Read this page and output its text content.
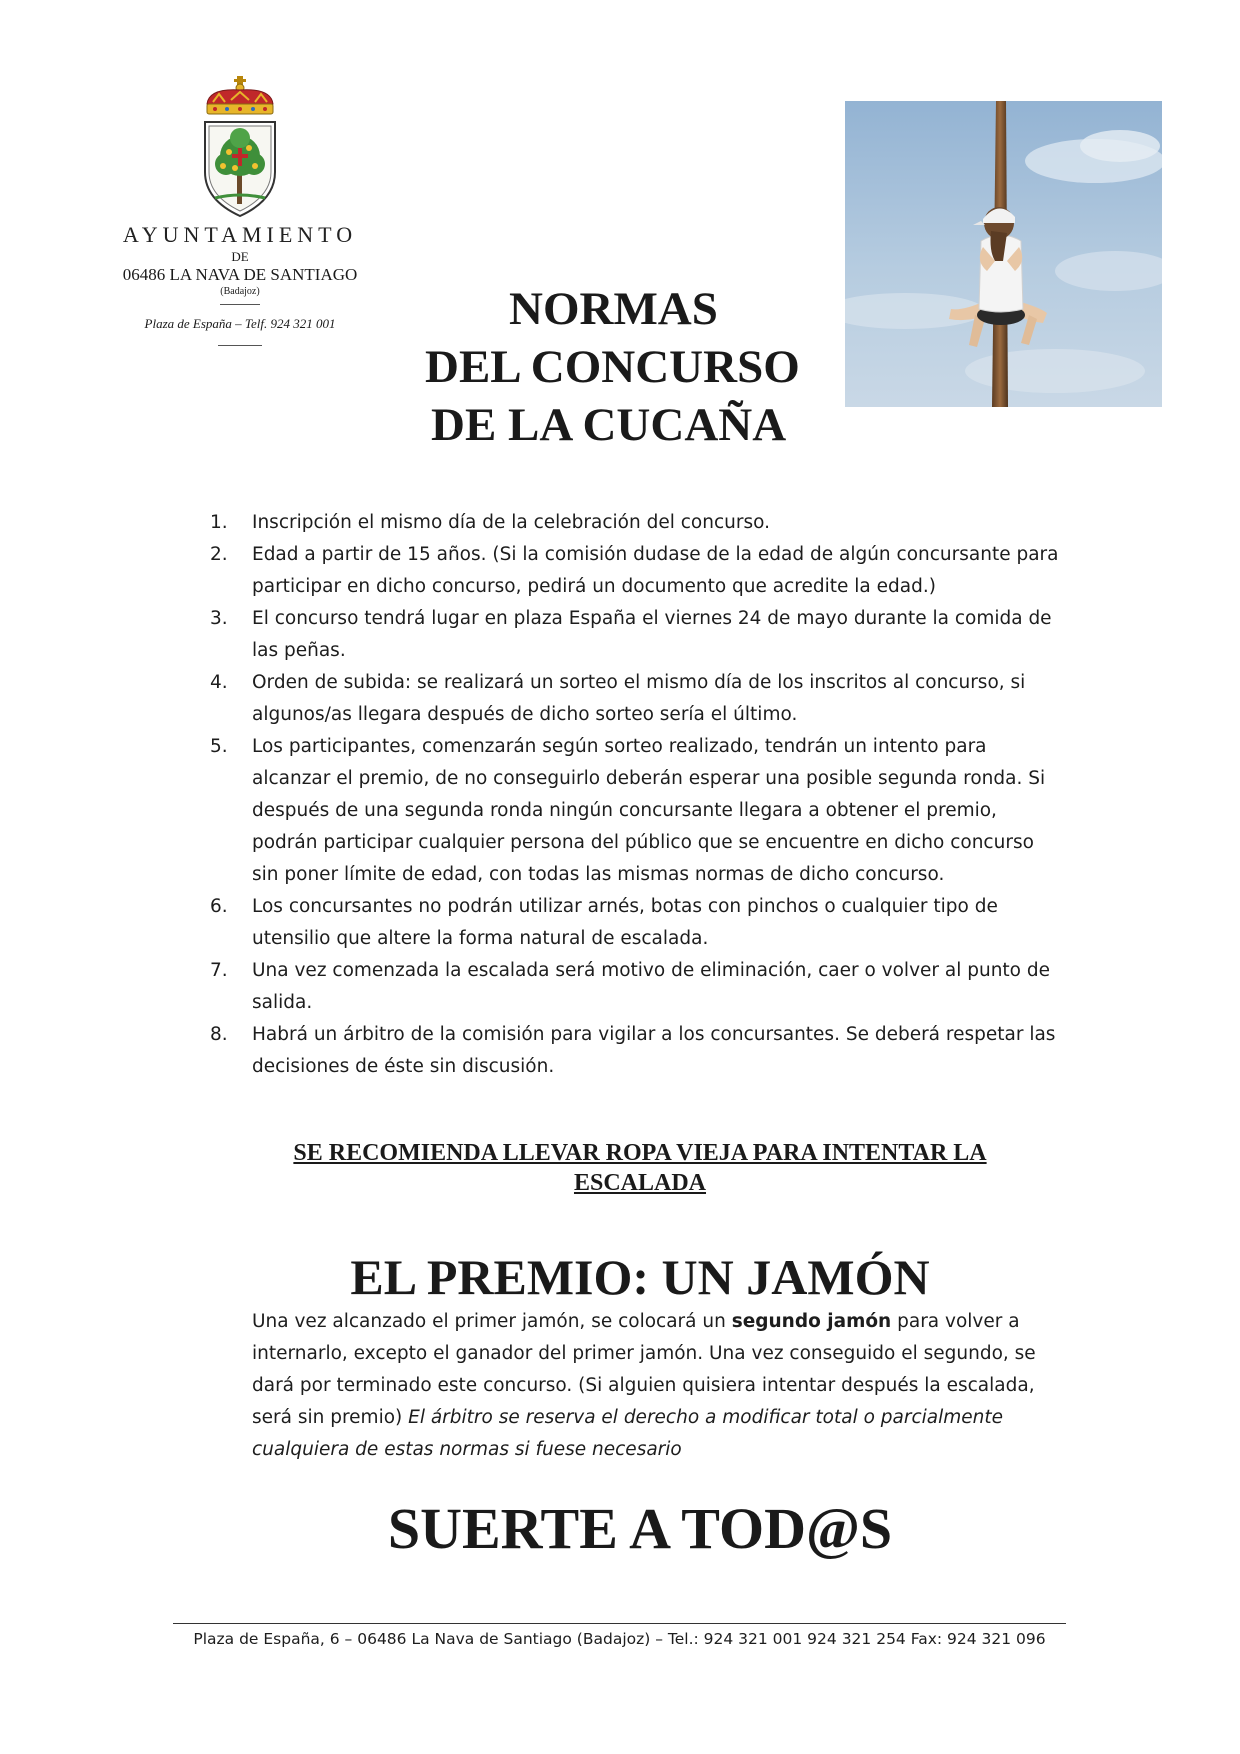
AYUNTAMIENTO
DE
06486 LA NAVA DE SANTIAGO
(Badajoz)
Plaza de España – Telf. 924 321 001	NORMAS
DEL CONCURSO
DE LA CUCAÑA
1.	Inscripción el mismo día de la celebración del concurso.
2.	Edad a partir de 15 años. (Si la comisión dudase de la edad de algún concursante para participar en dicho concurso, pedirá un documento que acredite la edad.)
3.	El concurso tendrá lugar en plaza España el viernes 24 de mayo durante la comida de las peñas.
4.	Orden de subida: se realizará un sorteo el mismo día de los inscritos al concurso, si algunos/as llegara después de dicho sorteo sería el último.
5.	Los participantes, comenzarán según sorteo realizado, tendrán un intento para alcanzar el premio, de no conseguirlo deberán esperar una posible segunda ronda. Si después de una segunda ronda ningún concursante llegara a obtener el premio, podrán participar cualquier persona del público que se encuentre en dicho concurso sin poner límite de edad, con todas las mismas normas de dicho concurso.
6.	Los concursantes no podrán utilizar arnés, botas con pinchos o cualquier tipo de utensilio que altere la forma natural de escalada.
7.	Una vez comenzada la escalada será motivo de eliminación, caer o volver al punto de salida.
8.	Habrá un árbitro de la comisión para vigilar a los concursantes. Se deberá respetar las decisiones de éste sin discusión.
SE RECOMIENDA LLEVAR ROPA VIEJA PARA INTENTAR LA
ESCALADA
EL PREMIO: UN JAMÓN
Una vez alcanzado el primer jamón, se colocará un segundo jamón para volver a internarlo, excepto el ganador del primer jamón. Una vez conseguido el segundo, se dará por terminado este concurso. (Si alguien quisiera intentar después la escalada, será sin premio) El árbitro se reserva el derecho a modificar total o parcialmente cualquiera de estas normas si fuese necesario
SUERTE A TOD@S
Plaza de España, 6 – 06486 La Nava de Santiago (Badajoz) – Tel.: 924 321 001 924 321 254 Fax: 924 321 096
